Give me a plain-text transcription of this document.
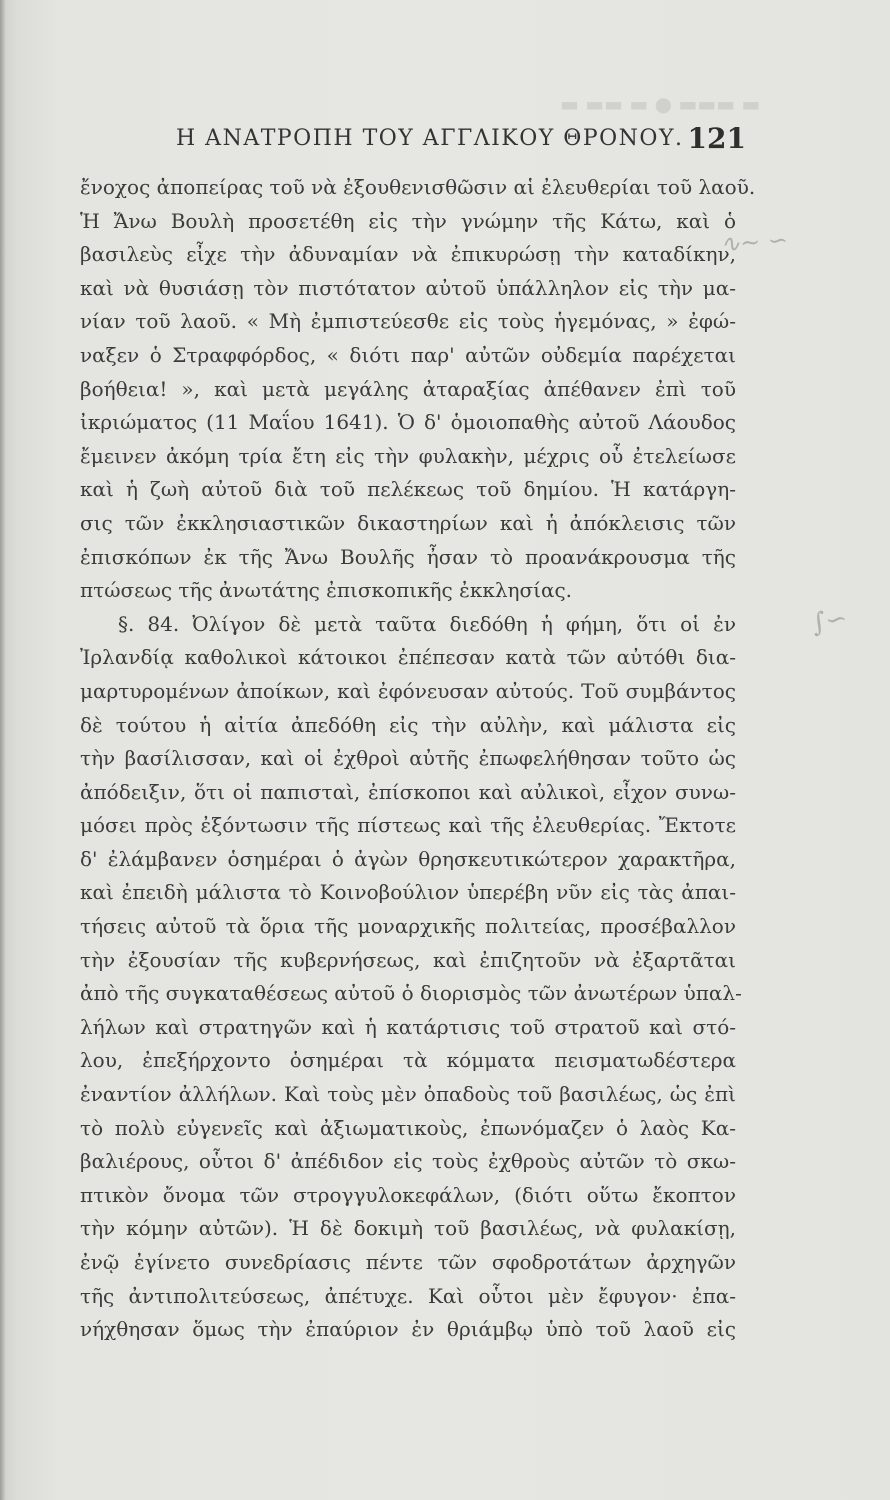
▬ ▬▬ ▬ ● ▬▬▬ ▬
∿∼ ∽
∫∽
Η ΑΝΑΤΡΟΠΗ ΤΟΥ ΑΓΓΛΙΚΟΥ ΘΡΟΝΟΥ. 121
ἔνοχος ἀποπείρας τοῦ νὰ ἐξουθενισθῶσιν αἱ ἐλευθερίαι τοῦ λαοῦ.
Ἡ Ἄνω Βουλὴ προσετέθη εἰς τὴν γνώμην τῆς Κάτω, καὶ ὁ
βασιλεὺς εἶχε τὴν ἀδυναμίαν νὰ ἐπικυρώσῃ τὴν καταδίκην,
καὶ νὰ θυσιάσῃ τὸν πιστότατον αὐτοῦ ὑπάλληλον εἰς τὴν μα-
νίαν τοῦ λαοῦ. « Μὴ ἐμπιστεύεσθε εἰς τοὺς ἡγεμόνας, » ἐφώ-
ναξεν ὁ Στραφφόρδος, « διότι παρ' αὐτῶν οὐδεμία παρέχεται
βοήθεια! », καὶ μετὰ μεγάλης ἀταραξίας ἀπέθανεν ἐπὶ τοῦ
ἰκριώματος (11 Μαΐου 1641). Ὁ δ' ὁμοιοπαθὴς αὐτοῦ Λάουδος
ἔμεινεν ἀκόμη τρία ἔτη εἰς τὴν φυλακὴν, μέχρις οὗ ἐτελείωσε
καὶ ἡ ζωὴ αὐτοῦ διὰ τοῦ πελέκεως τοῦ δημίου. Ἡ κατάργη-
σις τῶν ἐκκλησιαστικῶν δικαστηρίων καὶ ἡ ἀπόκλεισις τῶν
ἐπισκόπων ἐκ τῆς Ἄνω Βουλῆς ἦσαν τὸ προανάκρουσμα τῆς
πτώσεως τῆς ἀνωτάτης ἐπισκοπικῆς ἐκκλησίας.
§. 84. Ὀλίγον δὲ μετὰ ταῦτα διεδόθη ἡ φήμη, ὅτι οἱ ἐν
Ἰρλανδίᾳ καθολικοὶ κάτοικοι ἐπέπεσαν κατὰ τῶν αὐτόθι δια-
μαρτυρομένων ἀποίκων, καὶ ἐφόνευσαν αὐτούς. Τοῦ συμβάντος
δὲ τούτου ἡ αἰτία ἀπεδόθη εἰς τὴν αὐλὴν, καὶ μάλιστα εἰς
τὴν βασίλισσαν, καὶ οἱ ἐχθροὶ αὐτῆς ἐπωφελήθησαν τοῦτο ὡς
ἀπόδειξιν, ὅτι οἱ παπισταὶ, ἐπίσκοποι καὶ αὐλικοὶ, εἶχον συνω-
μόσει πρὸς ἐξόντωσιν τῆς πίστεως καὶ τῆς ἐλευθερίας. Ἔκτοτε
δ' ἐλάμβανεν ὁσημέραι ὁ ἀγὼν θρησκευτικώτερον χαρακτῆρα,
καὶ ἐπειδὴ μάλιστα τὸ Κοινοβούλιον ὑπερέβη νῦν εἰς τὰς ἀπαι-
τήσεις αὐτοῦ τὰ ὅρια τῆς μοναρχικῆς πολιτείας, προσέβαλλον
τὴν ἐξουσίαν τῆς κυβερνήσεως, καὶ ἐπιζητοῦν νὰ ἐξαρτᾶται
ἀπὸ τῆς συγκαταθέσεως αὐτοῦ ὁ διορισμὸς τῶν ἀνωτέρων ὑπαλ-
λήλων καὶ στρατηγῶν καὶ ἡ κατάρτισις τοῦ στρατοῦ καὶ στό-
λου, ἐπεξήρχοντο ὁσημέραι τὰ κόμματα πεισματωδέστερα
ἐναντίον ἀλλήλων. Καὶ τοὺς μὲν ὀπαδοὺς τοῦ βασιλέως, ὡς ἐπὶ
τὸ πολὺ εὐγενεῖς καὶ ἀξιωματικοὺς, ἐπωνόμαζεν ὁ λαὸς Κα-
βαλιέρους, οὗτοι δ' ἀπέδιδον εἰς τοὺς ἐχθροὺς αὐτῶν τὸ σκω-
πτικὸν ὄνομα τῶν στρογγυλοκεφάλων, (διότι οὕτω ἔκοπτον
τὴν κόμην αὐτῶν). Ἡ δὲ δοκιμὴ τοῦ βασιλέως, νὰ φυλακίσῃ,
ἐνῷ ἐγίνετο συνεδρίασις πέντε τῶν σφοδροτάτων ἀρχηγῶν
τῆς ἀντιπολιτεύσεως, ἀπέτυχε. Καὶ οὗτοι μὲν ἔφυγον· ἐπα-
νήχθησαν ὅμως τὴν ἐπαύριον ἐν θριάμβῳ ὑπὸ τοῦ λαοῦ εἰς
